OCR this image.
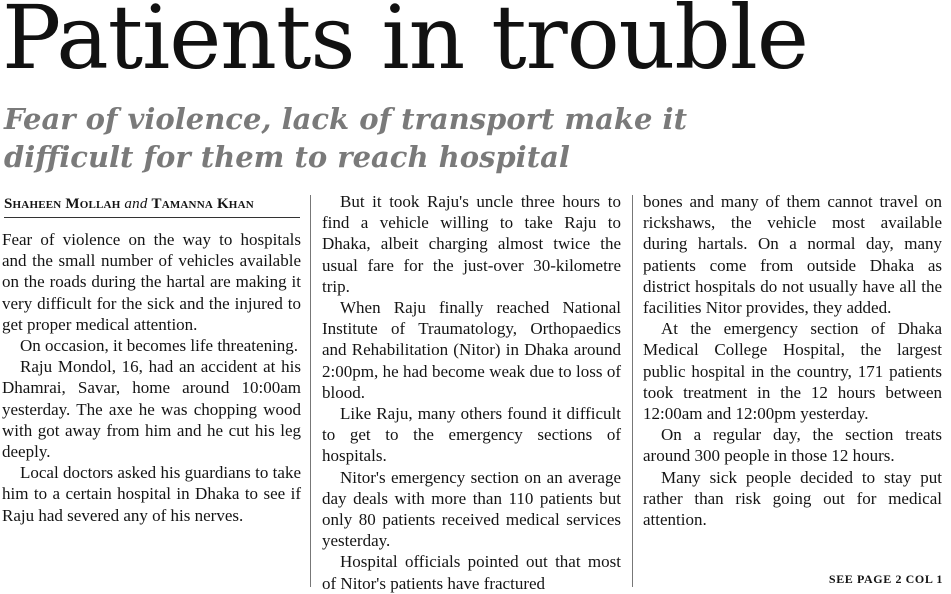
Patients in trouble
Fear of violence, lack of transport make it difficult for them to reach hospital
Shaheen Mollah and Tamanna Khan

Fear of violence on the way to hospitals and the small number of vehicles available on the roads during the hartal are making it very difficult for the sick and the injured to get proper medical attention.

On occasion, it becomes life threatening.

Raju Mondol, 16, had an accident at his Dhamrai, Savar, home around 10:00am yesterday. The axe he was chopping wood with got away from him and he cut his leg deeply.

Local doctors asked his guardians to take him to a certain hospital in Dhaka to see if Raju had severed any of his nerves.

But it took Raju's uncle three hours to find a vehicle willing to take Raju to Dhaka, albeit charging almost twice the usual fare for the just-over 30-kilometre trip.

When Raju finally reached National Institute of Traumatology, Orthopaedics and Rehabilitation (Nitor) in Dhaka around 2:00pm, he had become weak due to loss of blood.

Like Raju, many others found it difficult to get to the emergency sections of hospitals.

Nitor's emergency section on an average day deals with more than 110 patients but only 80 patients received medical services yesterday.

Hospital officials pointed out that most of Nitor's patients have fractured

bones and many of them cannot travel on rickshaws, the vehicle most available during hartals. On a normal day, many patients come from outside Dhaka as district hospitals do not usually have all the facilities Nitor provides, they added.

At the emergency section of Dhaka Medical College Hospital, the largest public hospital in the country, 171 patients took treatment in the 12 hours between 12:00am and 12:00pm yesterday.

On a regular day, the section treats around 300 people in those 12 hours.

Many sick people decided to stay put rather than risk going out for medical attention.

SEE PAGE 2 COL 1
